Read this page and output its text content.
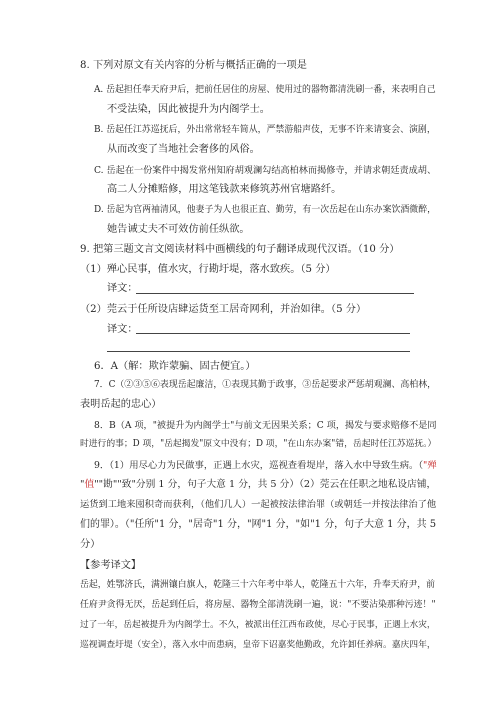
8. 下列对原文有关内容的分析与概括正确的一项是
A. 岳起担任奉天府尹后，把前任居住的房屋、使用过的器物都清洗刷一番，来表明自己
不受法染，因此被提升为内阁学士。
B. 岳起任江苏巡抚后，外出常常轻车简从，严禁游船声伎，无事不许来请宴会、演剧，
从而改变了当地社会奢侈的风俗。
C. 岳起在一份案件中揭发常州知府胡观澜勾结高柏林而揭修寺，并请求朝廷责成胡、
高二人分摊赔修，用这笔钱款来修筑苏州官塘路纤。
D. 岳起为官两袖清风，他妻子为人也很正直、勤劳，有一次岳起在山东办案饮酒微醉，
她告诫丈夫不可效仿前任纵欲。
9. 把第三题文言文阅读材料中画横线的句子翻译成现代汉语。（10 分）
（1）殚心民事，值水灾，行勘圩堤，落水致疾。（5 分）
译文：
（2）莞云于任所设店肆运货至工居奇网利，并治如律。（5 分）
译文：
6．A（解：欺诈蒙骗、固古便宜。）
7．C（②③⑤⑥表现岳起廉洁，①表现其勤于政事，③岳起要求严惩胡观澜、高柏林，
表明岳起的忠心）
8．B（A 项，"被提升为内阁学士"与前文无因果关系；C 项，揭发与要求赔修不是同
时进行的事；D 项，"岳起揭发"原文中没有；D 项，"在山东办案"错，岳起时任江苏巡抚。）
9．（1）用尽心力为民做事，正遇上水灾，巡视查看堤岸，落入水中导致生病。（"殚
"值""勘""致"分别 1 分，句子大意 1 分，共 5 分）（2）莞云在任职之地私设店铺，
运货到工地来囤积奇而获利，（他们几人）一起被按法律治罪（或朝廷一并按法律治了他
们的罪）。（"任所"1 分，"居奇"1 分，"网"1 分，"如"1 分，句子大意 1 分，共 5
分）
【参考译文】
岳起，姓鄂济氏，满洲镶白旗人，乾隆三十六年考中举人，乾隆五十六年，升奉天府尹，前
任府尹贪得无厌，岳起到任后，将房屋、器物全部清洗刷一遍，说："不要沾染那种污迹！"
过了一年，岳起被提升为内阁学士。不久，被派出任江西布政使，尽心于民事，正遇上水灾，
巡视调查圩堤（安全），落入水中而患病，皇帝下诏嘉奖他勤政，允许卸任养病。嘉庆四年，
